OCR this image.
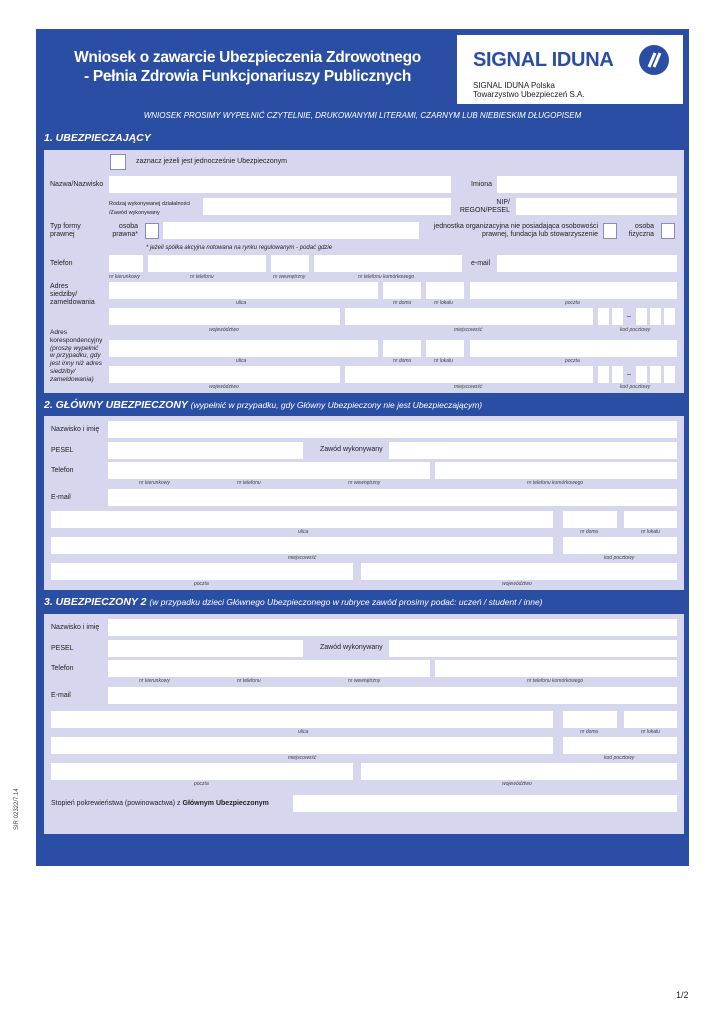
Wniosek o zawarcie Ubezpieczenia Zdrowotnego
- Pełnia Zdrowia Funkcjonariuszy Publicznych
SIGNAL IDUNA
SIGNAL IDUNA Polska
Towarzystwo Ubezpieczeń S.A.
WNIOSEK PROSIMY WYPEŁNIĆ CZYTELNIE, DRUKOWANYMI LITERAMI, CZARNYM LUB NIEBIESKIM DŁUGOPISEM
1. UBEZPIECZAJĄCY
zaznacz jeżeli jest jednocześnie Ubezpieczonym
Nazwa/Nazwisko	Imiona
Rodzaj wykonywanej działalności
/Zawód wykonywany
NIP/
REGON/PESEL
Typ formy
prawnej
osoba
prawna*
jednostka organizacyjna nie posiadająca osobowości
prawnej, fundacja lub stowarzyszenie
osoba
fizyczna
* jeżeli spółka akcyjna notowana na rynku regulowanym - podać gdzie
Telefon	e-mail
nr kierunkowy	nr telefonu	nr wewnętrzny	nr telefonu komórkowego
Adres
siedziby/
zameldowania	ulica	nr domu	nr lokalu	poczta
–
województwo	miejscowość	kod pocztowy
Adres
korespondencyjny
(proszę wypełnić
w przypadku, gdy
jest inny niż adres
siedziby/
zameldowania)
ulica	nr domu	nr lokalu	poczta
–
województwo	miejscowość	kod pocztowy
2. GŁÓWNY UBEZPIECZONY (wypełnić w przypadku, gdy Główny Ubezpieczony nie jest Ubezpieczającym)
Nazwisko i imię
PESEL	Zawód wykonywany
Telefon
nr kierunkowy	nr telefonu	nr wewnętrzny	nr telefonu komórkowego
E-mail
ulica	nr domu	nr lokalu
miejscowość	kod pocztowy
poczta	województwo
3. UBEZPIECZONY 2 (w przypadku dzieci Głównego Ubezpieczonego w rubryce zawód prosimy podać: uczeń / student / inne)
Nazwisko i imię
PESEL	Zawód wykonywany
Telefon
nr kierunkowy	nr telefonu	nr wewnętrzny	nr telefonu komórkowego
E-mail
ulica	nr domu	nr lokalu
miejscowość	kod pocztowy
poczta	województwo
Stopień pokrewieństwa (powinowactwa) z Głównym Ubezpieczonym
SIR 02322/7.14
1/2
